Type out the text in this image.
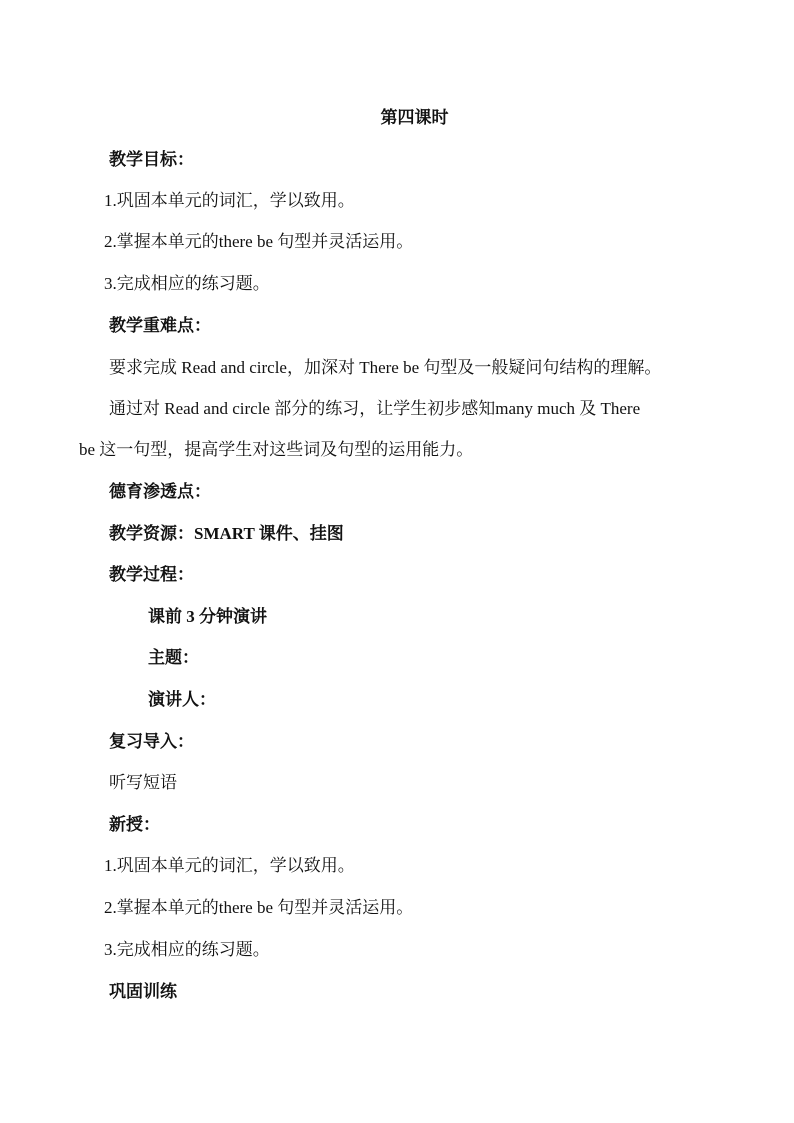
第四课时

教学目标：

1.巩固本单元的词汇，学以致用。

2.掌握本单元的there be 句型并灵活运用。

3.完成相应的练习题。

教学重难点：

要求完成 Read and circle，加深对 There be 句型及一般疑问句结构的理解。

通过对 Read and circle 部分的练习，让学生初步感知many much 及 There

be 这一句型，提高学生对这些词及句型的运用能力。

德育渗透点：

教学资源：SMART 课件、挂图

教学过程：

课前 3 分钟演讲

主题：

演讲人：

复习导入：

听写短语

新授：

1.巩固本单元的词汇，学以致用。

2.掌握本单元的there be 句型并灵活运用。

3.完成相应的练习题。

巩固训练
